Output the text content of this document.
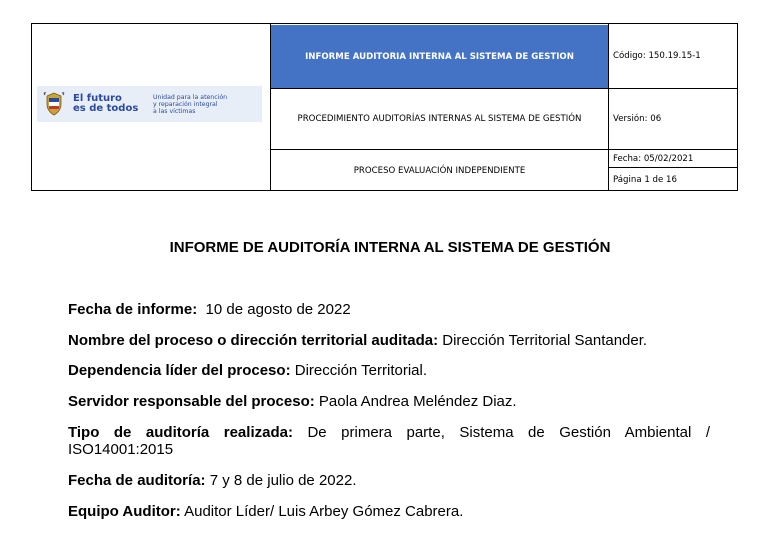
El futuro
es de todos
Unidad para la atención
y reparación integral
a las víctimas
INFORME AUDITORIA INTERNA AL SISTEMA DE GESTION
PROCEDIMIENTO AUDITORÍAS INTERNAS AL SISTEMA DE GESTIÓN
PROCESO EVALUACIÓN INDEPENDIENTE
Código: 150.19.15-1
Versión: 06
Fecha: 05/02/2021
Página 1 de 16
INFORME DE AUDITORÍA INTERNA AL SISTEMA DE GESTIÓN
Fecha de informe: 10 de agosto de 2022
Nombre del proceso o dirección territorial auditada: Dirección Territorial Santander.
Dependencia líder del proceso: Dirección Territorial.
Servidor responsable del proceso: Paola Andrea Meléndez Diaz.
Tipo de auditoría realizada: De primera parte, Sistema de Gestión Ambiental /
ISO14001:2015
Fecha de auditoría: 7 y 8 de julio de 2022.
Equipo Auditor: Auditor Líder/ Luis Arbey Gómez Cabrera.
